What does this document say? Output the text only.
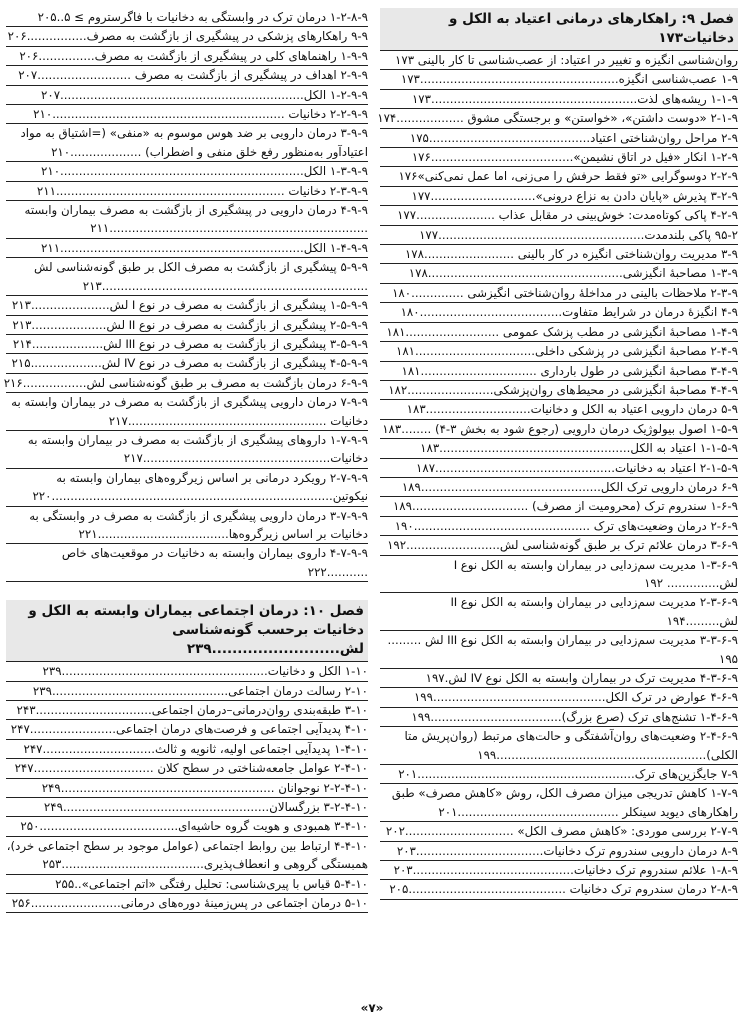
فصل ۹: راهکارهای درمانی اعتیاد به الکل و دخانیات۱۷۳
روان‌شناسی انگیزه و تغییر در اعتیاد: از عصب‌شناسی تا کار بالینی ۱۷۳
۱-۹ عصب‌شناسی انگیزه.....................................................۱۷۳
۱-۱-۹ ریشه‌های لذت.......................................................۱۷۳
۲-۱-۹ «دوست داشتن»، «خواستن» و برجستگی مشوق ..................۱۷۴
۲-۹ مراحل روان‌شناختی اعتیاد...........................................۱۷۵
۱-۲-۹ انکار «فیل در اتاق نشیمن»......................................۱۷۶
۲-۲-۹ دوسوگرایی «تو فقط حرفش را می‌زنی، اما عمل نمی‌کنی»۱۷۶
۳-۲-۹ پذیرش «پایان دادن به نزاع درونی»............................۱۷۷
۴-۲-۹ پاکی کوتاه‌مدت: خوش‌بینی در مقابل عذاب .....................۱۷۷
۹۵-۲ پاکی بلندمدت.......................................................۱۷۷
۳-۹ مدیریت روان‌شناختی انگیزه در کار بالینی ........................۱۷۸
۱-۳-۹ مصاحبهٔ انگیزشی....................................................۱۷۸
۲-۳-۹ ملاحظات بالینی در مداخلهٔ روان‌شناختی انگیزشی ..............۱۸۰
۴-۹ انگیزهٔ درمان در شرایط متفاوت......................................۱۸۰
۱-۴-۹ مصاحبهٔ انگیزشی در مطب پزشک عمومی .........................۱۸۱
۲-۴-۹ مصاحبهٔ انگیزشی در پزشکی داخلی................................۱۸۱
۳-۴-۹ مصاحبهٔ انگیزشی در طول بارداری ...............................۱۸۱
۴-۴-۹ مصاحبهٔ انگیزشی در محیط‌های روان‌پزشکی.......................۱۸۲
۵-۹ درمان دارویی اعتیاد به الکل و دخانیات............................۱۸۳
۱-۵-۹ اصول بیولوژیک درمان دارویی (رجوع شود به بخش ۳-۴) ........۱۸۳
۱-۱-۵-۹ اعتیاد به الکل...................................................۱۸۳
۲-۱-۵-۹ اعتیاد به دخانیات................................................۱۸۷
۶-۹ درمان دارویی ترک الکل................................................۱۸۹
۱-۶-۹ سندروم ترک (محرومیت از مصرف) ...............................۱۸۹
۲-۶-۹ درمان وضعیت‌های ترک ...............................................۱۹۰
۳-۶-۹ درمان علائم ترک بر طبق گونه‌شناسی لش.........................۱۹۲
۱-۳-۶-۹ مدیریت سم‌زدایی در بیماران وابسته به الکل نوع I لش.............. ۱۹۲
۲-۳-۶-۹ مدیریت سم‌زدایی در بیماران وابسته به الکل نوع II لش.........۱۹۴
۳-۳-۶-۹ مدیریت سم‌زدایی در بیماران وابسته به الکل نوع III لش ......... ۱۹۵
۴-۳-۶-۹ مدیریت ترک در بیماران وابسته به الکل نوع IV لش.۱۹۷
۴-۶-۹ عوارض در ترک الکل..............................................۱۹۹
۱-۴-۶-۹ تشنج‌های ترک (صرع بزرگ)...................................۱۹۹
۲-۴-۶-۹ وضعیت‌های روان‌آشفتگی و حالت‌های مرتبط (روان‌پریش متا الکلی)........................................................۱۹۹
۷-۹ جایگزین‌های ترک..........................................................۲۰۱
۱-۷-۹ کاهش تدریجی میزان مصرف الکل، روش «کاهش مصرف» طبق راهکارهای دیوید سینکلر ...........................................۲۰۱
۲-۷-۹ بررسی موردی: «کاهش مصرف الکل» .............................۲۰۲
۸-۹ درمان دارویی سندروم ترک دخانیات..................................۲۰۳
۱-۸-۹ علائم سندروم ترک دخانیات...........................................۲۰۳
۲-۸-۹ درمان سندروم ترک دخانیات ..........................................۲۰۵
۱-۲-۸-۹ درمان ترک در وابستگی به دخانیات با فاگرستروم ≥ ۵..۲۰۵
۹-۹ راهکارهای پزشکی در پیشگیری از بازگشت به مصرف................۲۰۶
۱-۹-۹ راهنماهای کلی در پیشگیری از بازگشت به مصرف...............۲۰۶
۲-۹-۹ اهداف در پیشگیری از بازگشت به مصرف .........................۲۰۷
۱-۲-۹-۹ الکل.................................................................۲۰۷
۲-۲-۹-۹ دخانیات ..............................................................۲۱۰
۳-۹-۹ درمان دارویی بر ضد هوس موسوم به «منفی» (=اشتیاق به مواد اعتیادآور به‌منظور رفع خلق منفی و اضطراب) ...................۲۱۰
۱-۳-۹-۹ الکل.................................................................۲۱۰
۲-۳-۹-۹ دخانیات .............................................................۲۱۱
۴-۹-۹ درمان دارویی در پیشگیری از بازگشت به مصرف بیماران وابسته .....................................................................۲۱۱
۱-۴-۹-۹ الکل.................................................................۲۱۱
۵-۹-۹ پیشگیری از بازگشت به مصرف الکل بر طبق گونه‌شناسی لش .......................................................................۲۱۳
۱-۵-۹-۹ پیشگیری از بازگشت به مصرف در نوع I لش.....................۲۱۳
۲-۵-۹-۹ پیشگیری از بازگشت به مصرف در نوع II لش....................۲۱۳
۳-۵-۹-۹ پیشگیری از بازگشت به مصرف در نوع III لش...................۲۱۴
۴-۵-۹-۹ پیشگیری از بازگشت به مصرف در نوع IV لش...................۲۱۵
۶-۹-۹ درمان بازگشت به مصرف بر طبق گونه‌شناسی لش.................۲۱۶
۷-۹-۹ درمان دارویی پیشگیری از بازگشت به مصرف در بیماران وابسته به دخانیات .....................................................۲۱۷
۱-۷-۹-۹ داروهای پیشگیری از بازگشت به مصرف در بیماران وابسته به دخانیات..................................................۲۱۷
۲-۷-۹-۹ رویکرد درمانی بر اساس زیرگروه‌های بیماران وابسته به نیکوتین...........................................................................۲۲۰
۳-۷-۹-۹ درمان دارویی پیشگیری از بازگشت به مصرف در وابستگی به دخانیات بر اساس زیرگروه‌ها...................................۲۲۱
۴-۷-۹-۹ داروی بیماران وابسته به دخانیات در موقعیت‌های خاص ...........۲۲۲
فصل ۱۰: درمان اجتماعی بیماران وابسته به الکل و دخانیات برحسب گونه‌شناسی لش.........................۲۳۹
۱-۱۰ الکل و دخانیات.......................................................۲۳۹
۲-۱۰ رسالت درمان اجتماعی...............................................۲۳۹
۳-۱۰ طبقه‌بندی روان‌درمانی–درمان اجتماعی...............................۲۴۳
۴-۱۰ پدیدآیی اجتماعی و فرصت‌های درمان اجتماعی.......................۲۴۷
۱-۴-۱۰ پدیدآیی اجتماعی اولیه، ثانویه و ثالث..............................۲۴۷
۲-۴-۱۰ عوامل جامعه‌شناختی در سطح کلان ................................۲۴۷
۲-۲-۴-۱۰ نوجوانان .........................................................۲۴۹
۳-۲-۴-۱۰ بزرگسالان.......................................................۲۴۹
۳-۴-۱۰ همبودی و هویت گروه حاشیه‌ای.....................................۲۵۰
۴-۴-۱۰ ارتباط بین روابط اجتماعی (عوامل موجود بر سطح اجتماعی خرد)، همبستگی گروهی و انعطاف‌پذیری......................................۲۵۳
۵-۴-۱۰ قیاس با پیری‌شناسی: تحلیل رفتگی «اتم اجتماعی»..۲۵۵
۵-۱۰ درمان اجتماعی در پس‌زمینهٔ دوره‌های درمانی........................۲۵۶
«۷»
